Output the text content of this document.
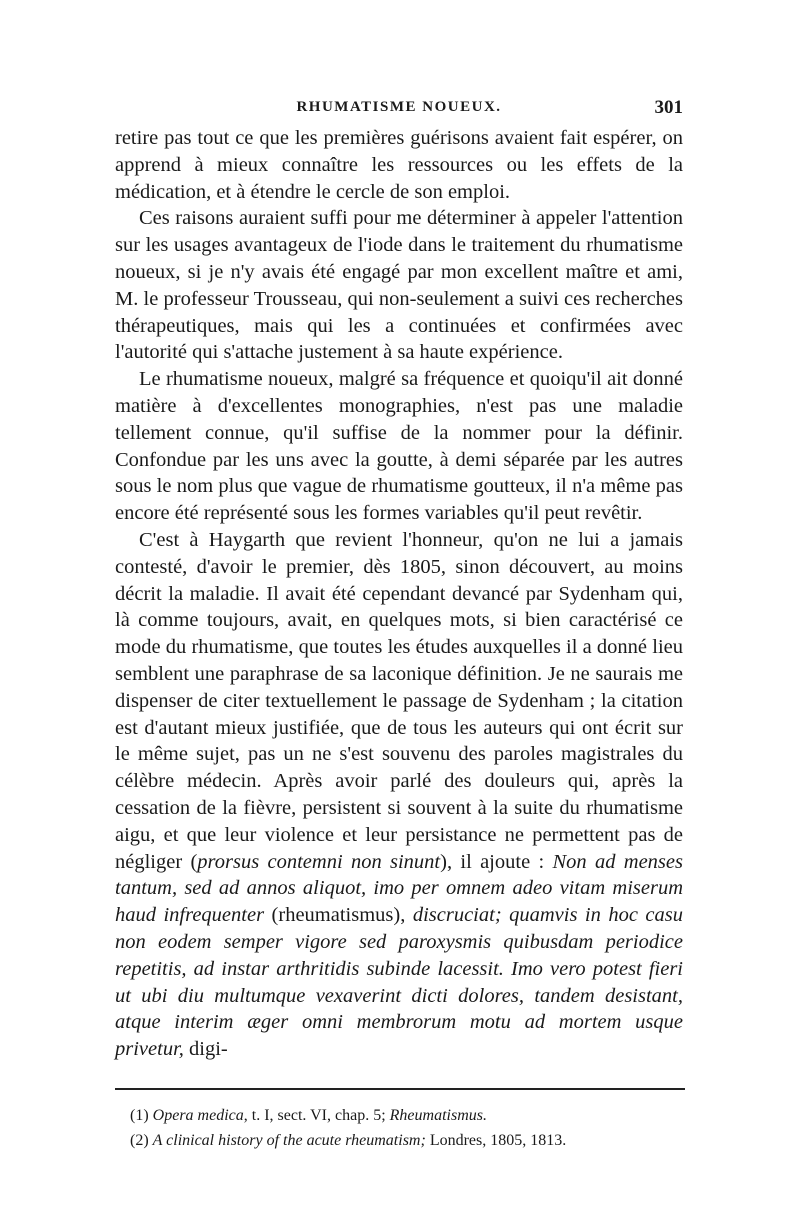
RHUMATISME NOUEUX.	301

retire pas tout ce que les premières guérisons avaient fait espérer, on apprend à mieux connaître les ressources ou les effets de la médication, et à étendre le cercle de son emploi.

Ces raisons auraient suffi pour me déterminer à appeler l'attention sur les usages avantageux de l'iode dans le traitement du rhumatisme noueux, si je n'y avais été engagé par mon excellent maître et ami, M. le professeur Trousseau, qui non-seulement a suivi ces recherches thérapeutiques, mais qui les a continuées et confirmées avec l'autorité qui s'attache justement à sa haute expérience.

Le rhumatisme noueux, malgré sa fréquence et quoiqu'il ait donné matière à d'excellentes monographies, n'est pas une maladie tellement connue, qu'il suffise de la nommer pour la définir. Confondue par les uns avec la goutte, à demi séparée par les autres sous le nom plus que vague de rhumatisme goutteux, il n'a même pas encore été représenté sous les formes variables qu'il peut revêtir.

C'est à Haygarth que revient l'honneur, qu'on ne lui a jamais contesté, d'avoir le premier, dès 1805, sinon découvert, au moins décrit la maladie. Il avait été cependant devancé par Sydenham qui, là comme toujours, avait, en quelques mots, si bien caractérisé ce mode du rhumatisme, que toutes les études auxquelles il a donné lieu semblent une paraphrase de sa laconique définition. Je ne saurais me dispenser de citer textuellement le passage de Sydenham ; la citation est d'autant mieux justifiée, que de tous les auteurs qui ont écrit sur le même sujet, pas un ne s'est souvenu des paroles magistrales du célèbre médecin. Après avoir parlé des douleurs qui, après la cessation de la fièvre, persistent si souvent à la suite du rhumatisme aigu, et que leur violence et leur persistance ne permettent pas de négliger (prorsus contemni non sinunt), il ajoute : Non ad menses tantum, sed ad annos aliquot, imo per omnem adeo vitam miserum haud infrequenter (rheumatismus), discruciat; quamvis in hoc casu non eodem semper vigore sed paroxysmis quibusdam periodice repetitis, ad instar arthritidis subinde lacessit. Imo vero potest fieri ut ubi diu multumque vexaverint dicti dolores, tandem desistant, atque interim æger omni membrorum motu ad mortem usque privetur, digi-

(1) Opera medica, t. I, sect. VI, chap. 5; Rheumatismus.

(2) A clinical history of the acute rheumatism; Londres, 1805, 1813.
